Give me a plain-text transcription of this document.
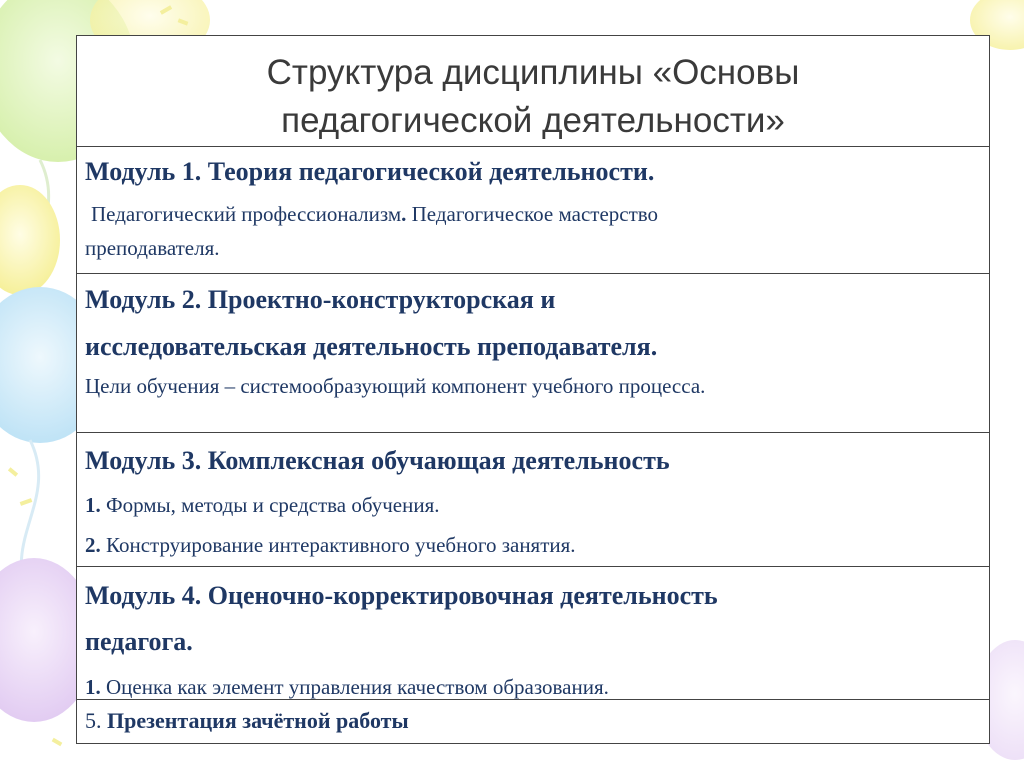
Структура дисциплины «Основы
педагогической деятельности»
Модуль 1. Теория педагогической деятельности.
Педагогический профессионализм. Педагогическое мастерство
преподавателя.
Модуль 2. Проектно-конструкторская и
исследовательская деятельность преподавателя.
Цели обучения – системообразующий компонент учебного процесса.
Модуль 3. Комплексная обучающая деятельность
1. Формы, методы и средства обучения.
2. Конструирование интерактивного учебного занятия.
Модуль 4. Оценочно-корректировочная деятельность
педагога.
1. Оценка как элемент управления качеством образования.
5. Презентация зачётной работы
